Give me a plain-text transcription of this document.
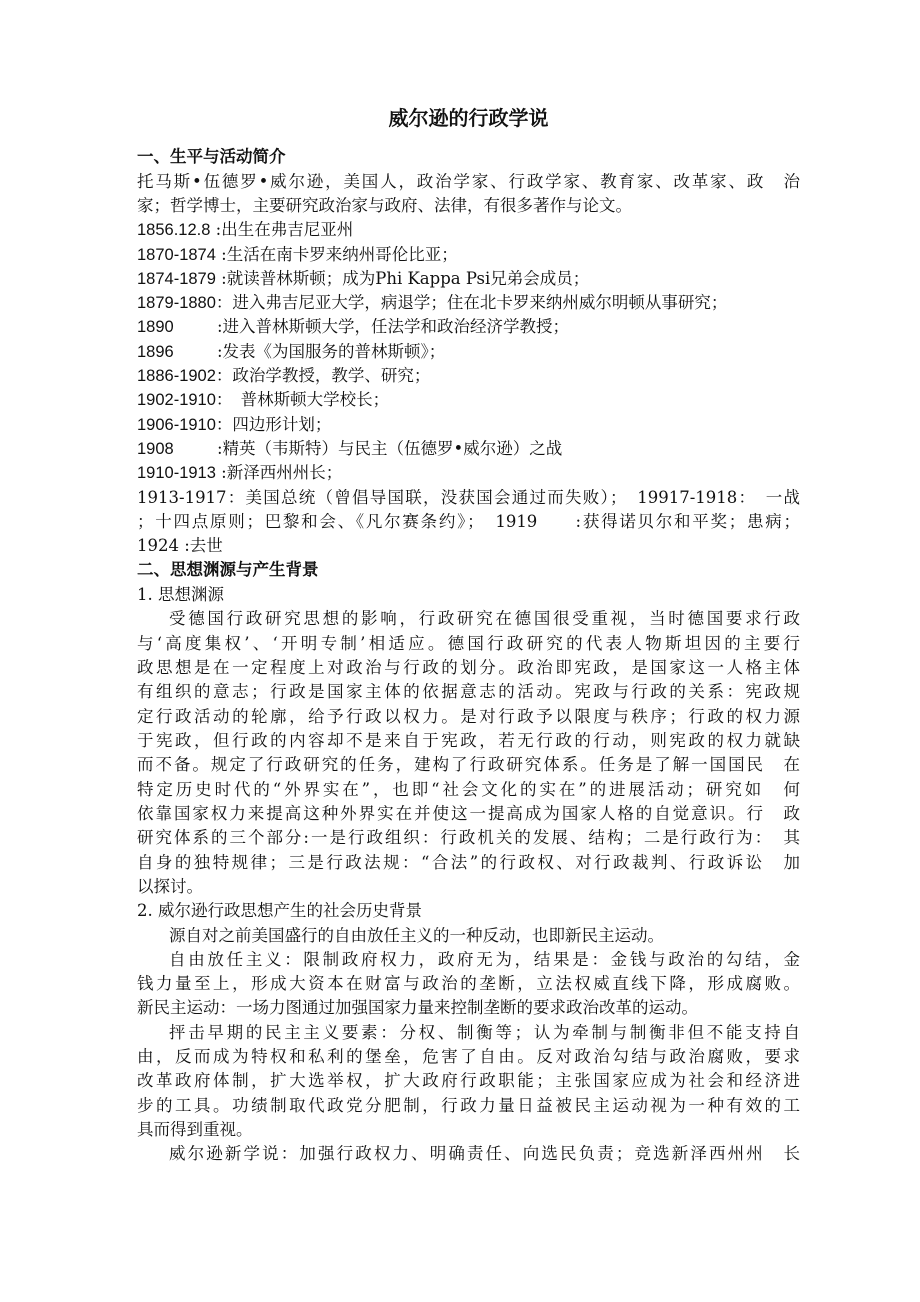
威尔逊的行政学说
一、生平与活动简介
托马斯•伍德罗•威尔逊，美国人，政治学家、行政学家、教育家、改革家、政　治
家；哲学博士，主要研究政治家与政府、法律，有很多著作与论文。
1856.12.8 :出生在弗吉尼亚州
1870-1874 :生活在南卡罗来纳州哥伦比亚；
1874-1879 :就读普林斯顿；成为Phi Kappa Psi兄弟会成员；
1879-1880：进入弗吉尼亚大学，病退学；住在北卡罗来纳州威尔明顿从事研究；
1890	:进入普林斯顿大学，任法学和政治经济学教授；
1896	:发表《为国服务的普林斯顿》；
1886-1902：政治学教授，教学、研究；
1902-1910：　普林斯顿大学校长；
1906-1910：四边形计划；
1908	:精英（韦斯特）与民主（伍德罗•威尔逊）之战
1910-1913 :新泽西州州长；
1913-1917：美国总统（曾倡导国联，没获国会通过而失败）；　19917-1918：　一战
；十四点原则；巴黎和会、《凡尔赛条约》；　1919　　:获得诺贝尔和平奖；患病；
1924 :去世
二、思想渊源与产生背景
1. 思想渊源
受德国行政研究思想的影响，行政研究在德国很受重视，当时德国要求行政
与‘高度集权’、‘开明专制’相适应。德国行政研究的代表人物斯坦因的主要行
政思想是在一定程度上对政治与行政的划分。政治即宪政，是国家这一人格主体
有组织的意志；行政是国家主体的依据意志的活动。宪政与行政的关系：宪政规
定行政活动的轮廓，给予行政以权力。是对行政予以限度与秩序；行政的权力源
于宪政，但行政的内容却不是来自于宪政，若无行政的行动，则宪政的权力就缺
而不备。规定了行政研究的任务，建构了行政研究体系。任务是了解一国国民　在
特定历史时代的“外界实在”，也即“社会文化的实在”的进展活动；研究如　何
依靠国家权力来提高这种外界实在并使这一提高成为国家人格的自觉意识。行　政
研究体系的三个部分:一是行政组织：行政机关的发展、结构；二是行政行为：　其
自身的独特规律；三是行政法规：“合法”的行政权、对行政裁判、行政诉讼　加
以探讨。
2. 威尔逊行政思想产生的社会历史背景
源自对之前美国盛行的自由放任主义的一种反动，也即新民主运动。
自由放任主义：限制政府权力，政府无为，结果是：金钱与政治的勾结，金
钱力量至上，形成大资本在财富与政治的垄断，立法权威直线下降，形成腐败。
新民主运动：一场力图通过加强国家力量来控制垄断的要求政治改革的运动。
抨击早期的民主主义要素：分权、制衡等；认为牵制与制衡非但不能支持自
由，反而成为特权和私利的堡垒，危害了自由。反对政治勾结与政治腐败，要求
改革政府体制，扩大选举权，扩大政府行政职能；主张国家应成为社会和经济进
步的工具。功绩制取代政党分肥制，行政力量日益被民主运动视为一种有效的工
具而得到重视。
威尔逊新学说：加强行政权力、明确责任、向选民负责；竞选新泽西州州　长
